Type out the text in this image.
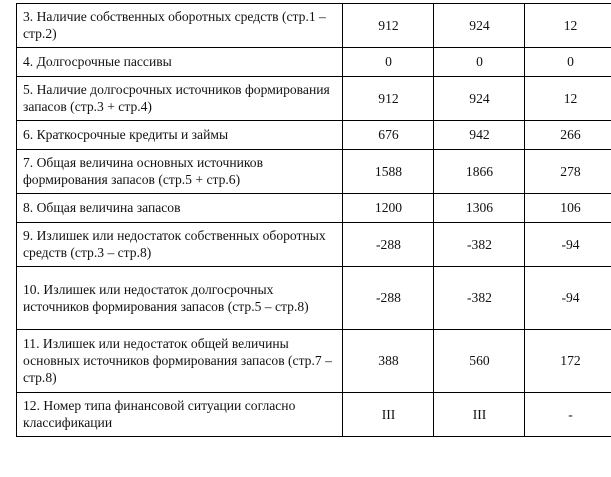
3. Наличие собственных оборотных средств (стр.1 – стр.2)	912	924	12
4. Долгосрочные пассивы	0	0	0
5. Наличие долгосрочных источников формирования запасов (стр.3 + стр.4)	912	924	12
6. Краткосрочные кредиты и займы	676	942	266
7. Общая величина основных источников формирования запасов (стр.5 + стр.6)	1588	1866	278
8. Общая величина запасов	1200	1306	106
9. Излишек или недостаток собственных оборотных средств (стр.3 – стр.8)	-288	-382	-94
10. Излишек или недостаток долгосрочных источников формирования запасов (стр.5 – стр.8)	-288	-382	-94
11. Излишек или недостаток общей величины основных источников формирования запасов (стр.7 – стр.8)	388	560	172
12. Номер типа финансовой ситуации согласно классификации	III	III	-
